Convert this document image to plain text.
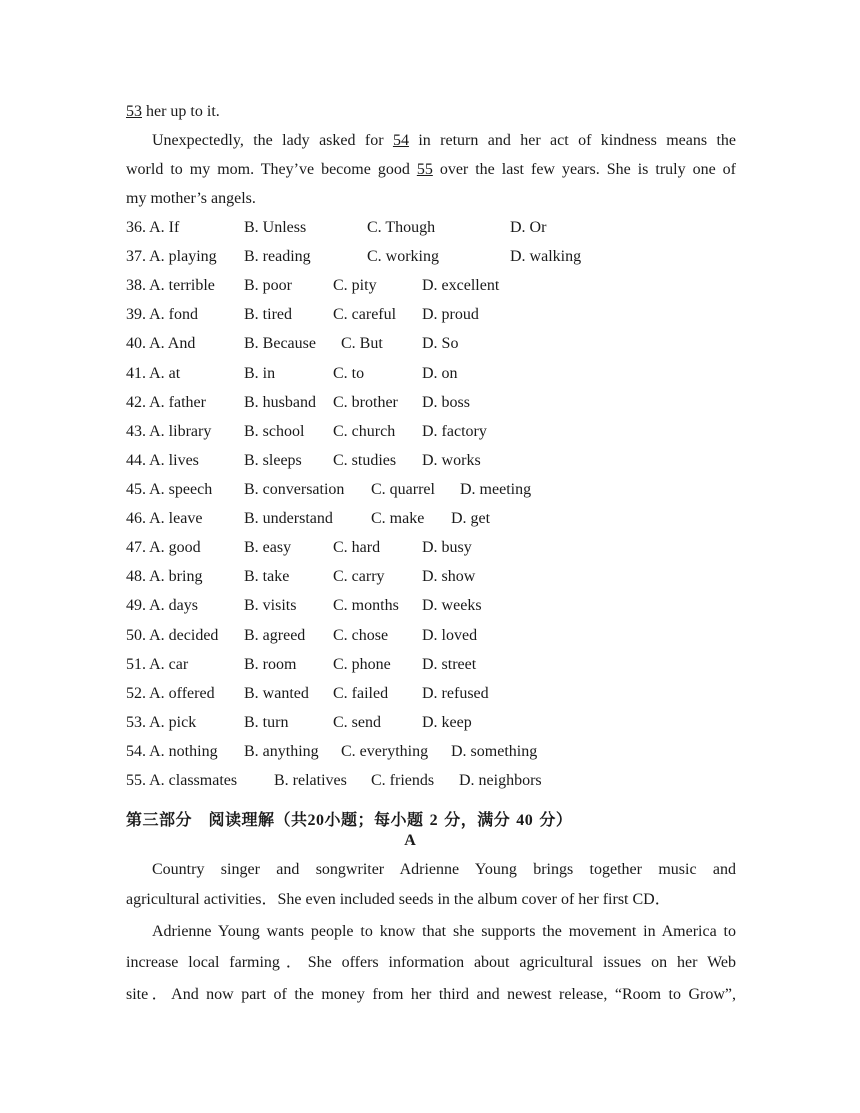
53 her up to it.
Unexpectedly, the lady asked for 54 in return and her act of kindness means the
world to my mom. They’ve become good 55 over the last few years. She is truly one of
my mother’s angels.
36. A. If	B. Unless	C. Though	D. Or
37. A. playing B. reading	C. working	D. walking
38. A. terrible B. poor	C. pity	D. excellent
39. A. fond	B. tired	C. careful D. proud
40. A. And	B. Because C. But D. So
41. A. at	B. in	C. to	D. on
42. A. father B. husband C. brother D. boss
43. A. library B. school C. church D. factory
44. A. lives	B. sleeps C. studies D. works
45. A. speech B. conversation C. quarrel D. meeting
46. A. leave	B. understand C. make D. get
47. A. good	B. easy	C. hard	D. busy
48. A. bring	B. take	C. carry D. show
49. A. days	B. visits C. months D. weeks
50. A. decided B. agreed C. chose D. loved
51. A. car	B. room C. phone D. street
52. A. offered B. wanted C. failed D. refused
53. A. pick	B. turn	C. send	D. keep
54. A. nothing B. anything C. everything D. something
55. A. classmates B. relatives C. friends D. neighbors
第三部分　阅读理解（共20小题；每小题 2 分，满分 40 分）
A
Country singer and songwriter Adrienne Young brings together music and
agricultural activities．She even included seeds in the album cover of her first CD．
Adrienne Young wants people to know that she supports the movement in America to
increase local farming．She offers information about agricultural issues on her Web
site．And now part of the money from her third and newest release, “Room to Grow”,
